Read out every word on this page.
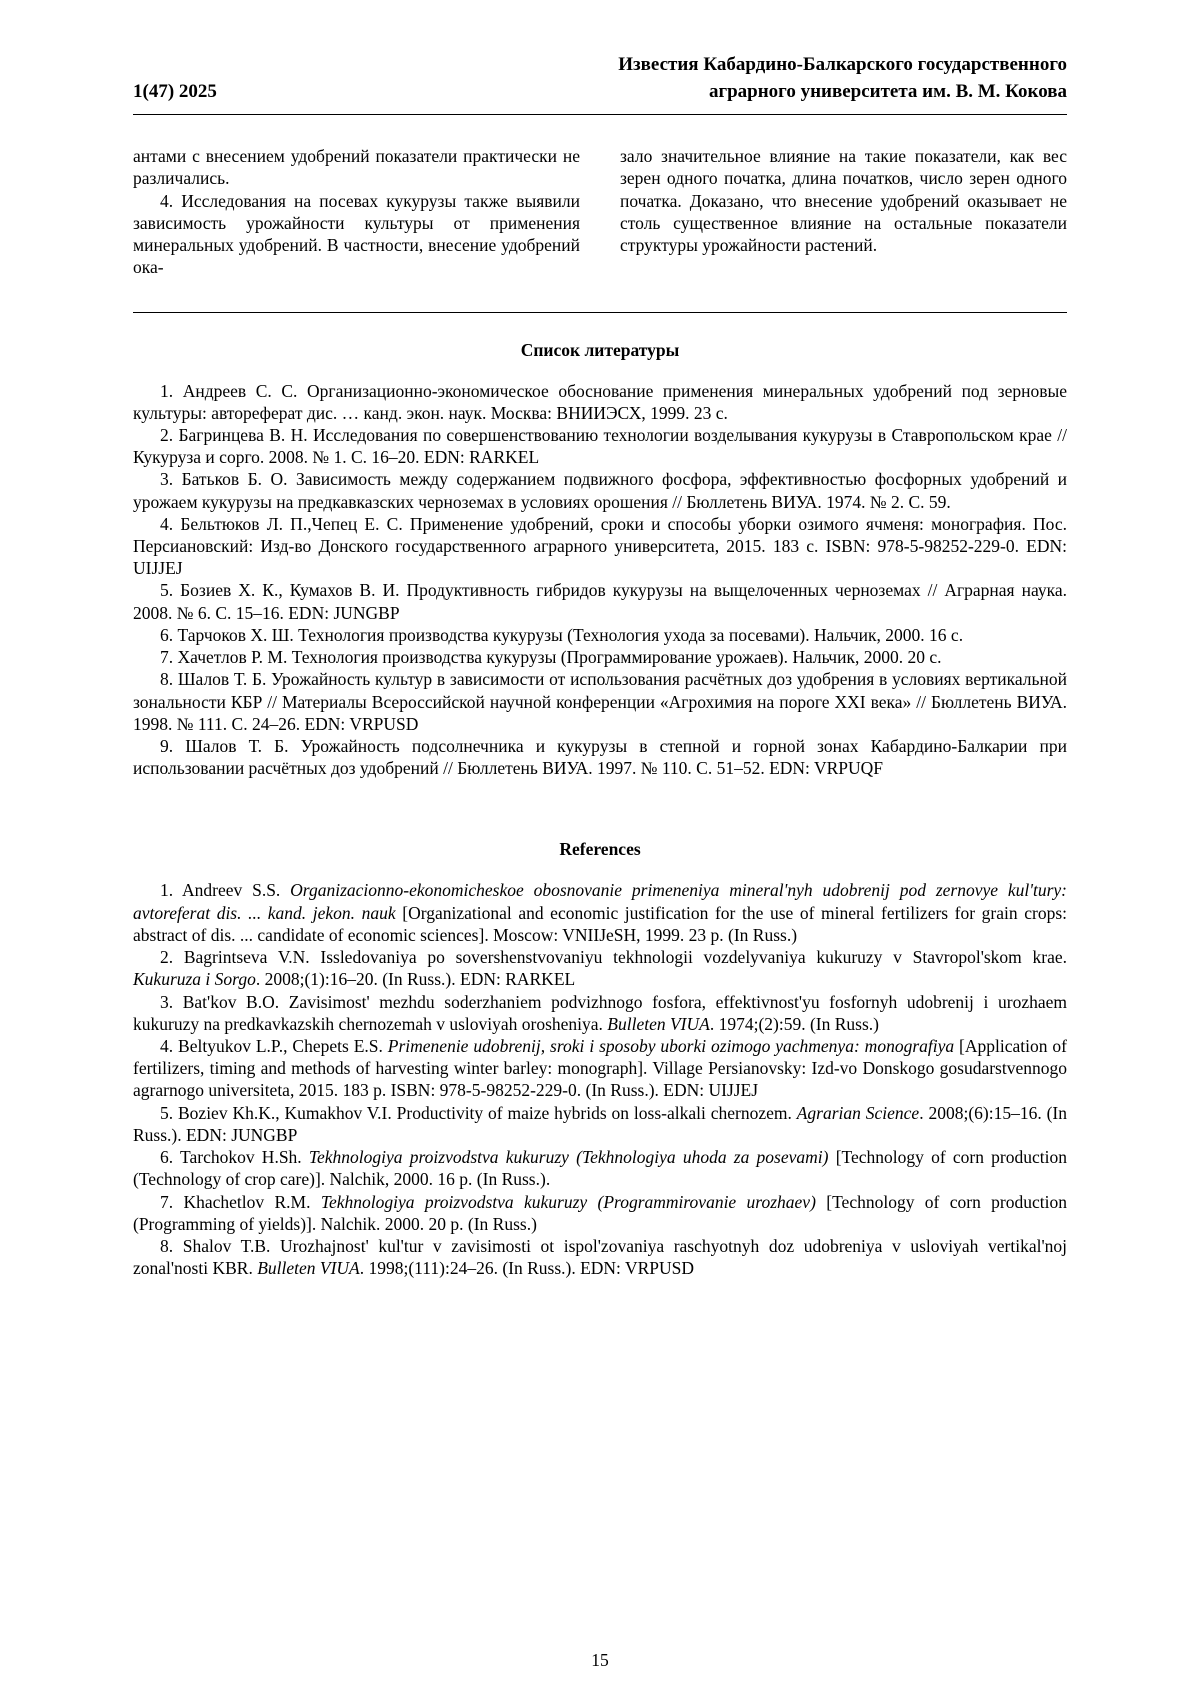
1(47) 2025
Известия Кабардино-Балкарского государственного
аграрного университета им. В. М. Кокова

антами с внесением удобрений показатели практически не различались.

4. Исследования на посевах кукурузы также выявили зависимость урожайности культуры от применения минеральных удобрений. В частности, внесение удобрений ока-

зало значительное влияние на такие показатели, как вес зерен одного початка, длина початков, число зерен одного початка. Доказано, что внесение удобрений оказывает не столь существенное влияние на остальные показатели структуры урожайности растений.

Список литературы

1. Андреев С. С. Организационно-экономическое обоснование применения минеральных удобрений под зерновые культуры: автореферат дис. … канд. экон. наук. Москва: ВНИИЭСХ, 1999. 23 с.

2. Багринцева В. Н. Исследования по совершенствованию технологии возделывания кукурузы в Ставропольском крае // Кукуруза и сорго. 2008. № 1. С. 16–20. EDN: RARKEL

3. Батьков Б. О. Зависимость между содержанием подвижного фосфора, эффективностью фосфорных удобрений и урожаем кукурузы на предкавказских черноземах в условиях орошения // Бюллетень ВИУА. 1974. № 2. С. 59.

4. Бельтюков Л. П.,Чепец Е. С. Применение удобрений, сроки и способы уборки озимого ячменя: монография. Пос. Персиановский: Изд-во Донского государственного аграрного университета, 2015. 183 с. ISBN: 978-5-98252-229-0. EDN: UIJJEJ

5. Бозиев Х. К., Кумахов В. И. Продуктивность гибридов кукурузы на выщелоченных черноземах // Аграрная наука. 2008. № 6. С. 15–16. EDN: JUNGBP

6. Тарчоков Х. Ш. Технология производства кукурузы (Технология ухода за посевами). Нальчик, 2000. 16 с.

7. Хачетлов Р. М. Технология производства кукурузы (Программирование урожаев). Нальчик, 2000. 20 с.

8. Шалов Т. Б. Урожайность культур в зависимости от использования расчётных доз удобрения в условиях вертикальной зональности КБР // Материалы Всероссийской научной конференции «Агрохимия на пороге XXI века» // Бюллетень ВИУА. 1998. № 111. С. 24–26. EDN: VRPUSD

9. Шалов Т. Б. Урожайность подсолнечника и кукурузы в степной и горной зонах Кабардино-Балкарии при использовании расчётных доз удобрений // Бюллетень ВИУА. 1997. № 110. С. 51–52. EDN: VRPUQF

References

1. Andreev S.S. Organizacionno-ekonomicheskoe obosnovanie primeneniya mineral'nyh udobrenij pod zernovye kul'tury: avtoreferat dis. ... kand. jekon. nauk [Organizational and economic justification for the use of mineral fertilizers for grain crops: abstract of dis. ... candidate of economic sciences]. Moscow: VNIIJeSH, 1999. 23 p. (In Russ.)

2. Bagrintseva V.N. Issledovaniya po sovershenstvovaniyu tekhnologii vozdelyvaniya kukuruzy v Stavropol'skom krae. Kukuruza i Sorgo. 2008;(1):16–20. (In Russ.). EDN: RARKEL

3. Bat'kov B.O. Zavisimost' mezhdu soderzhaniem podvizhnogo fosfora, effektivnost'yu fosfornyh udobrenij i urozhaem kukuruzy na predkavkazskih chernozemah v usloviyah orosheniya. Bulleten VIUA. 1974;(2):59. (In Russ.)

4. Beltyukov L.P., Chepets E.S. Primenenie udobrenij, sroki i sposoby uborki ozimogo yachmenya: monografiya [Application of fertilizers, timing and methods of harvesting winter barley: monograph]. Village Persianovsky: Izd-vo Donskogo gosudarstvennogo agrarnogo universiteta, 2015. 183 p. ISBN: 978-5-98252-229-0. (In Russ.). EDN: UIJJEJ

5. Boziev Kh.K., Kumakhov V.I. Productivity of maize hybrids on loss-alkali chernozem. Agrarian Science. 2008;(6):15–16. (In Russ.). EDN: JUNGBP

6. Tarchokov H.Sh. Tekhnologiya proizvodstva kukuruzy (Tekhnologiya uhoda za posevami) [Technology of corn production (Technology of crop care)]. Nalchik, 2000. 16 p. (In Russ.).

7. Khachetlov R.M. Tekhnologiya proizvodstva kukuruzy (Programmirovanie urozhaev) [Technology of corn production (Programming of yields)]. Nalchik. 2000. 20 p. (In Russ.)

8. Shalov T.B. Urozhajnost' kul'tur v zavisimosti ot ispol'zovaniya raschyotnyh doz udobreniya v usloviyah vertikal'noj zonal'nosti KBR. Bulleten VIUA. 1998;(111):24–26. (In Russ.). EDN: VRPUSD

15
